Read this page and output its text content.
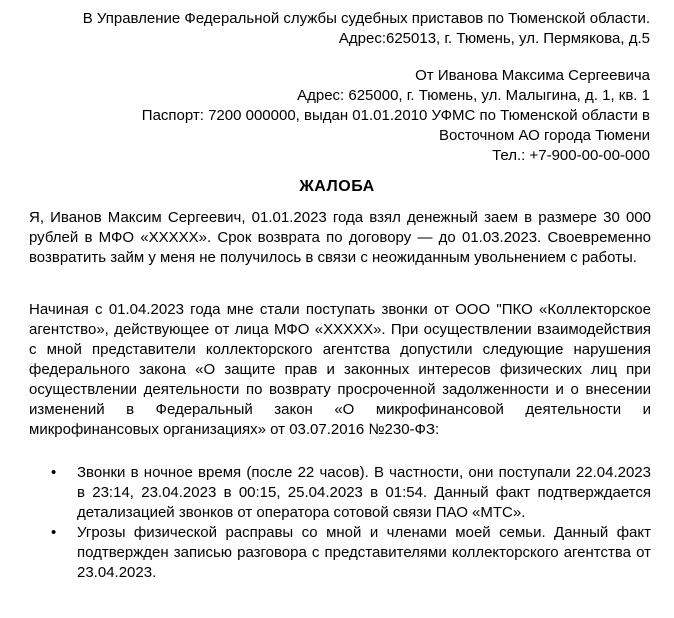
В Управление Федеральной службы судебных приставов по Тюменской области.
Адрес:625013, г. Тюмень, ул. Пермякова, д.5
От Иванова Максима Сергеевича
Адрес: 625000, г. Тюмень, ул. Малыгина, д. 1, кв. 1
Паспорт: 7200 000000, выдан 01.01.2010 УФМС по Тюменской области в
Восточном АО города Тюмени
Тел.: +7-900-00-00-000
ЖАЛОБА

Я, Иванов Максим Сергеевич, 01.01.2023 года взял денежный заем в размере 30 000 рублей в МФО «XXXXX». Срок возврата по договору — до 01.03.2023. Своевременно возвратить займ у меня не получилось в связи с неожиданным увольнением с работы.

Начиная с 01.04.2023 года мне стали поступать звонки от ООО "ПКО «Коллекторское агентство», действующее от лица МФО «XXXXX». При осуществлении взаимодействия с мной представители коллекторского агентства допустили следующие нарушения федерального закона «О защите прав и законных интересов физических лиц при осуществлении деятельности по возврату просроченной задолженности и о внесении изменений в Федеральный закон «О микрофинансовой деятельности и микрофинансовых организациях» от 03.07.2016 №230-ФЗ:

• Звонки в ночное время (после 22 часов). В частности, они поступали 22.04.2023 в 23:14, 23.04.2023 в 00:15, 25.04.2023 в 01:54. Данный факт подтверждается детализацией звонков от оператора сотовой связи ПАО «МТС».
• Угрозы физической расправы со мной и членами моей семьи. Данный факт подтвержден записью разговора с представителями коллекторского агентства от 23.04.2023.
